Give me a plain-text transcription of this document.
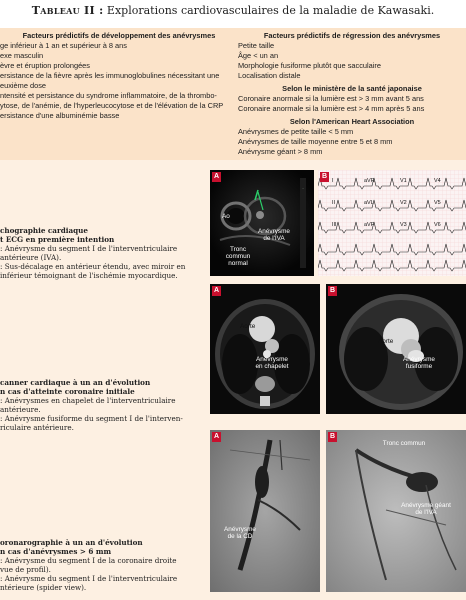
Tableau II : Explorations cardiovasculaires de la maladie de Kawasaki.
Facteurs prédictifs de développement des anévrysmes
ge inférieur à 1 an et supérieur à 8 ans
exe masculin
èvre et éruption prolongées
ersistance de la fièvre après les immunoglobulines nécessitant une
euxième dose
ntensité et persistance du syndrome inflammatoire, de la thrombo-
ytose, de l'anémie, de l'hyperleucocytose et de l'élévation de la CRP
ersistance d'une albuminémie basse
Facteurs prédictifs de régression des anévrysmes
Petite taille
Âge < un an
Morphologie fusiforme plutôt que sacculaire
Localisation distale
Selon le ministère de la santé japonaise
Coronaire anormale si la lumière est > 3 mm avant 5 ans
Coronaire anormale si la lumière est > 4 mm après 5 ans
Selon l'American Heart Association
Anévrysmes de petite taille < 5 mm
Anévrysmes de taille moyenne entre 5 et 8 mm
Anévrysme géant > 8 mm
chographie cardiaque
t ECG en première intention
: Anévrysme du segment I de l'interventriculaire
antérieure (IVA).
: Sus-décalage en antérieur étendu, avec miroir en
inférieur témoignant de l'ischémie myocardique.
canner cardiaque à un an d'évolution
n cas d'atteinte coronaire initiale
: Anévrysmes en chapelet de l'interventriculaire
antérieure.
: Anévrysme fusiforme du segment I de l'interven-
riculaire antérieure.
oronarographie à un an d'évolution
n cas d'anévrysmes > 6 mm
: Anévrysme du segment I de la coronaire droite
vue de profil).
: Anévrysme du segment I de l'interventriculaire
ntérieure (spider view).
-
A
Ao
Anévrysme
de l'IVA
Tronc
commun
normal
B
I	aVR	V1	V4
II	aVL	V2	V5
III	aVF	V3	V6
A
Aorte
Anévrysme
en chapelet
B
Aorte
Anévrysme
fusiforme
A
Anévrysme
de la CD
B
Tronc commun
Anévrysme géant
de l'IVA
